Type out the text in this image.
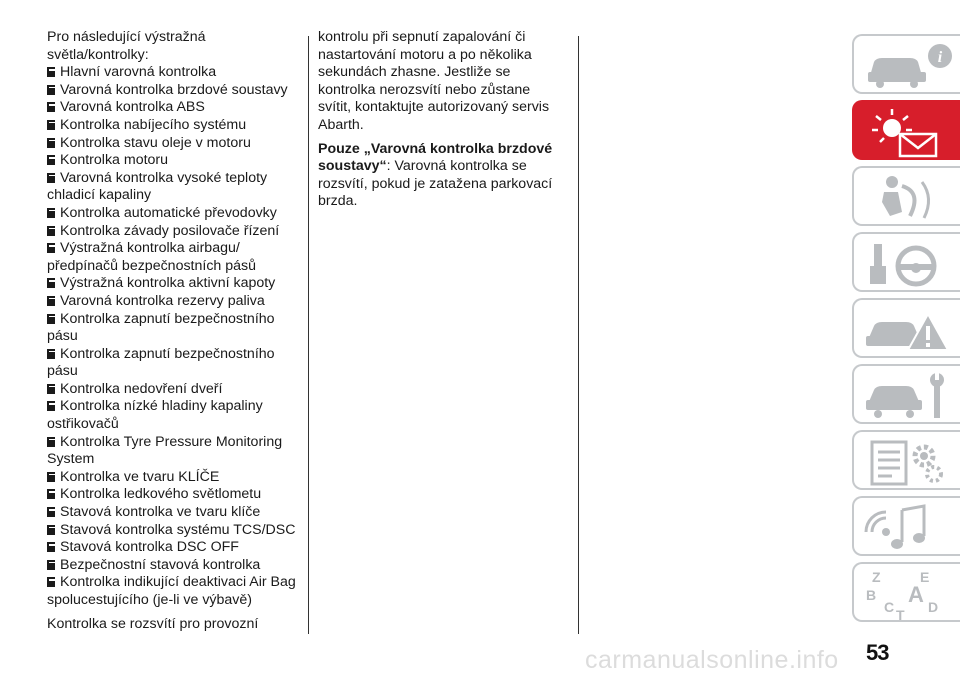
Pro následující výstražná světla/kontrolky:

Hlavní varovná kontrolka
Varovná kontrolka brzdové soustavy
Varovná kontrolka ABS
Kontrolka nabíjecího systému
Kontrolka stavu oleje v motoru
Kontrolka motoru
Varovná kontrolka vysoké teploty chladicí kapaliny
Kontrolka automatické převodovky
Kontrolka závady posilovače řízení
Výstražná kontrolka airbagu/ předpínačů bezpečnostních pásů
Výstražná kontrolka aktivní kapoty
Varovná kontrolka rezervy paliva
Kontrolka zapnutí bezpečnostního pásu
Kontrolka zapnutí bezpečnostního pásu
Kontrolka nedovření dveří
Kontrolka nízké hladiny kapaliny ostřikovačů
Kontrolka Tyre Pressure Monitoring System
Kontrolka ve tvaru KLÍČE
Kontrolka ledkového světlometu
Stavová kontrolka ve tvaru klíče
Stavová kontrolka systému TCS/DSC
Stavová kontrolka DSC OFF
Bezpečnostní stavová kontrolka
Kontrolka indikující deaktivaci Air Bag spolucestujícího (je-li ve výbavě)

Kontrolka se rozsvítí pro provozní

kontrolu při sepnutí zapalování či nastartování motoru a po několika sekundách zhasne. Jestliže se kontrolka nerozsvítí nebo zůstane svítit, kontaktujte autorizovaný servis Abarth.

Pouze „Varovná kontrolka brzdové soustavy“: Varovná kontrolka se rozsvítí, pokud je zatažena parkovací brzda.

i
Z	E
B A
C D
T
53
carmanualsonline.info
